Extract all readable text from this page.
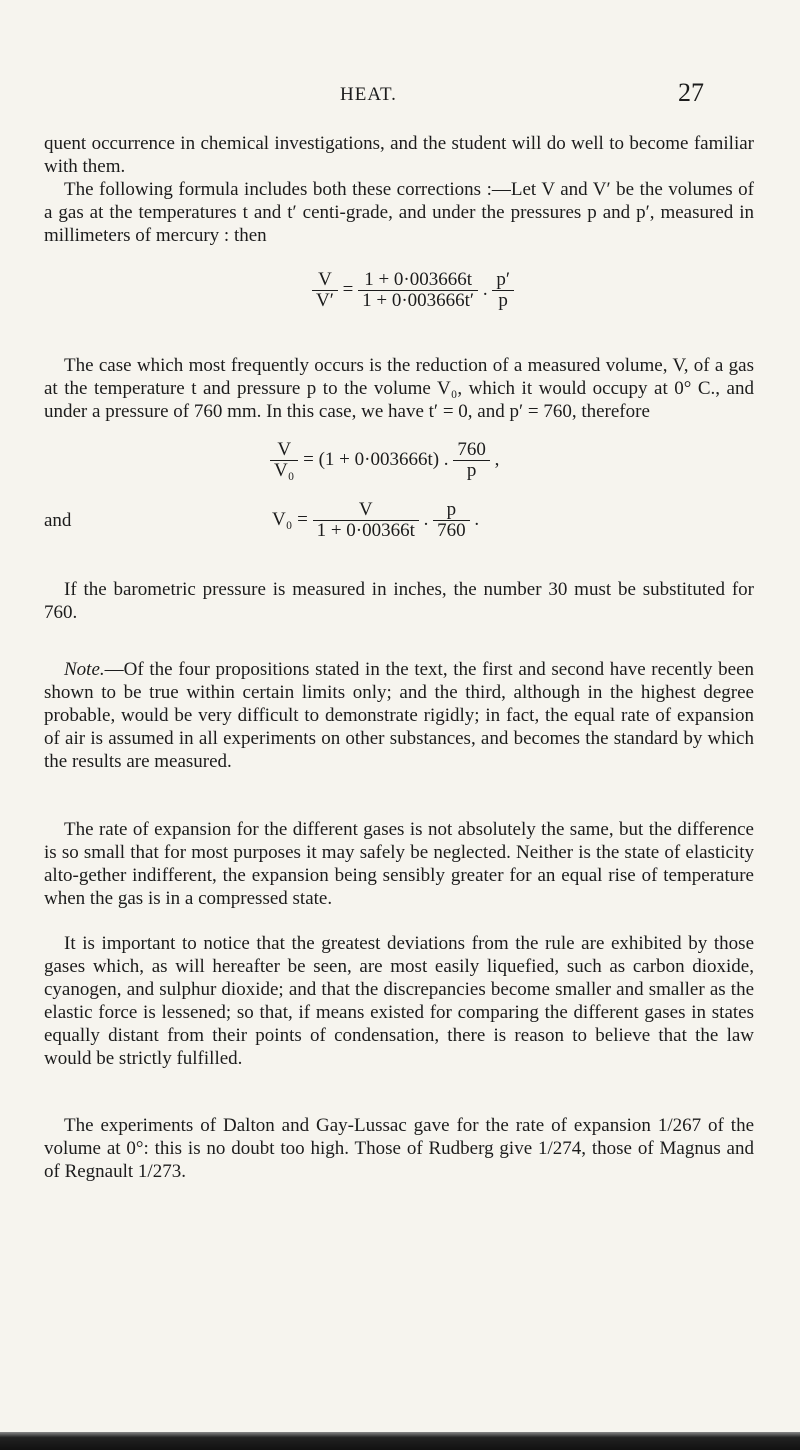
HEAT.	27

quent occurrence in chemical investigations, and the student will do well to become familiar with them.

The following formula includes both these corrections :—Let V and V′ be the volumes of a gas at the temperatures t and t′ centi-grade, and under the pressures p and p′, measured in millimeters of mercury : then

$\frac{V}{V'} = \frac{1 + 0\cdot 003666t}{1 + 0\cdot 003666t'}$ . $\frac{p'}{p}$

The case which most frequently occurs is the reduction of a measured volume, V, of a gas at the temperature t and pressure p to the volume V₀, which it would occupy at 0° C., and under a pressure of 760 mm. In this case, we have t′ = 0, and p′ = 760, therefore

$\frac{V}{\text{V₀}} = (1 + 0\cdot 003666t)$ . $\frac{760}{p}$ ,
and	$V_0 = \frac{V}{1 + 0\cdot 00366t}$ . $\frac{p}{760}$ .

If the barometric pressure is measured in inches, the number 30 must be substituted for 760.

Note.—Of the four propositions stated in the text, the first and second have recently been shown to be true within certain limits only; and the third, although in the highest degree probable, would be very difficult to demonstrate rigidly; in fact, the equal rate of expansion of air is assumed in all experiments on other substances, and becomes the standard by which the results are measured.

The rate of expansion for the different gases is not absolutely the same, but the difference is so small that for most purposes it may safely be neglected. Neither is the state of elasticity alto-gether indifferent, the expansion being sensibly greater for an equal rise of temperature when the gas is in a compressed state.

It is important to notice that the greatest deviations from the rule are exhibited by those gases which, as will hereafter be seen, are most easily liquefied, such as carbon dioxide, cyanogen, and sulphur dioxide; and that the discrepancies become smaller and smaller as the elastic force is lessened; so that, if means existed for comparing the different gases in states equally distant from their points of condensation, there is reason to believe that the law would be strictly fulfilled.

The experiments of Dalton and Gay-Lussac gave for the rate of expansion 1/267 of the volume at 0°: this is no doubt too high. Those of Rudberg give 1/274, those of Magnus and of Regnault 1/273.
